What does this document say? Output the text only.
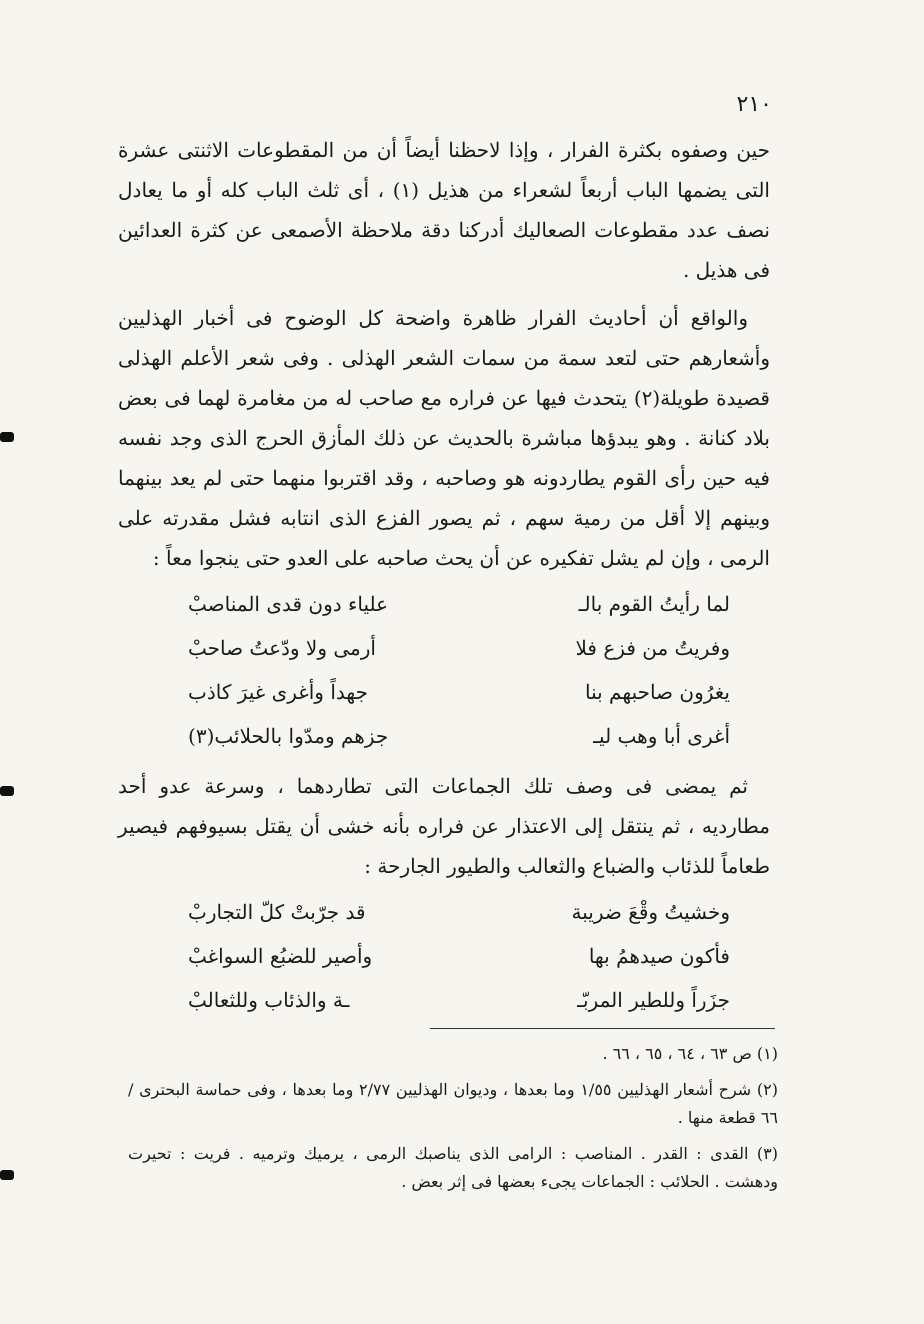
٢١٠

حين وصفوه بكثرة الفرار ، وإذا لاحظنا أيضاً أن من المقطوعات الاثنتى عشرة التى يضمها الباب أربعاً لشعراء من هذيل (١) ، أى ثلث الباب كله أو ما يعادل نصف عدد مقطوعات الصعاليك أدركنا دقة ملاحظة الأصمعى عن كثرة العدائين فى هذيل .

والواقع أن أحاديث الفرار ظاهرة واضحة كل الوضوح فى أخبار الهذليين وأشعارهم حتى لتعد سمة من سمات الشعر الهذلى . وفى شعر الأعلم الهذلى قصيدة طويلة(٢) يتحدث فيها عن فراره مع صاحب له من مغامرة لهما فى بعض بلاد كنانة . وهو يبدؤها مباشرة بالحديث عن ذلك المأزق الحرج الذى وجد نفسه فيه حين رأى القوم يطاردونه هو وصاحبه ، وقد اقتربوا منهما حتى لم يعد بينهما وبينهم إلا أقل من رمية سهم ، ثم يصور الفزع الذى انتابه فشل مقدرته على الرمى ، وإن لم يشل تفكيره عن أن يحث صاحبه على العدو حتى ينجوا معاً :

لما رأيتُ القوم بالـ
علياء دون قدى المناصبْ
وفريتُ من فزع فلا
أرمى ولا ودّعتُ صاحبْ
يغرُون صاحبهم بنا
جهداً وأغرى غيرَ كاذب
أغرى أبا وهب ليـ
جزهم ومدّوا بالحلائب(٣)

ثم يمضى فى وصف تلك الجماعات التى تطاردهما ، وسرعة عدو أحد مطارديه ، ثم ينتقل إلى الاعتذار عن فراره بأنه خشى أن يقتل بسيوفهم فيصير طعاماً للذئاب والضباع والثعالب والطيور الجارحة :

وخشيتُ وقْعَ ضريبة
قد جرّبتْ كلّ التجاربْ
فأكون صيدهمُ بها
وأصير للضبُع السواغبْ
جزَراً وللطير المربّـ
ـة والذئاب وللثعالبْ

(١) ص ٦٣ ، ٦٤ ، ٦٥ ، ٦٦ .

(٢) شرح أشعار الهذليين ١/٥٥ وما بعدها ، وديوان الهذليين ٢/٧٧ وما بعدها ، وفى حماسة البحترى /٦٦ قطعة منها .

(٣) القدى : القدر . المناصب : الرامى الذى يناصبك الرمى ، يرميك وترميه . فريت : تحيرت ودهشت . الحلائب : الجماعات يجىء بعضها فى إثر بعض .
